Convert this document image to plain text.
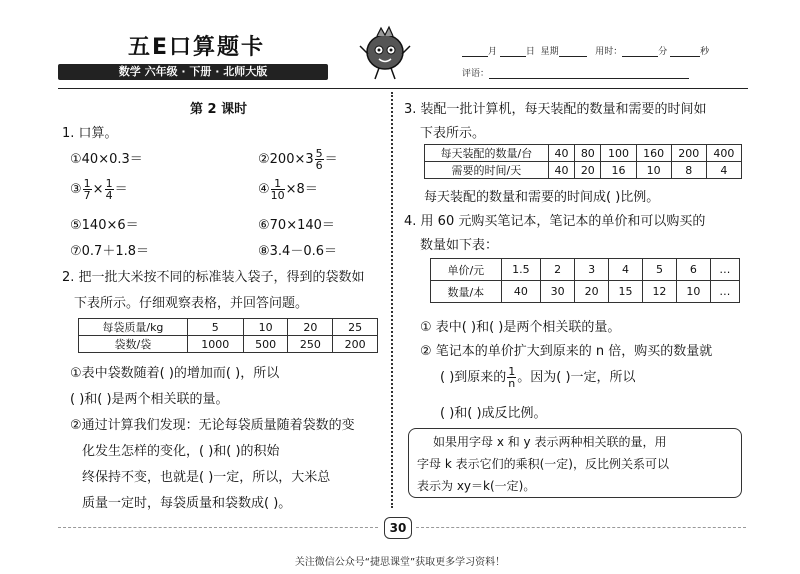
五E口算题卡
数学 六年级 · 下册 · 北师大版
月	日 星期	用时：	分	秒
评语：
第 2 课时
1. 口算。
①40×0.3＝	②200×3 $\frac{5}{6}$ ＝
③ $\frac{1}{7} \times \frac{1}{4}$ ＝	④ $\frac{1}{10} \times 8=$
⑤140×6＝	⑥70×140＝
⑦0.7＋1.8＝	⑧3.4－0.6＝
2. 把一批大米按不同的标准装入袋子，得到的袋数如
下表所示。仔细观察表格，并回答问题。
每袋质量/kg	5	10	20	25
袋数/袋	1000	500	250	200
①表中袋数随着( )的增加而( )，所以
( )和( )是两个相关联的量。
②通过计算我们发现：无论每袋质量随着袋数的变
化发生怎样的变化，( )和( )的积始
终保持不变，也就是( )一定，所以，大米总
质量一定时，每袋质量和袋数成( )。
3. 装配一批计算机，每天装配的数量和需要的时间如
下表所示。
每天装配的数量/台	40	80	100	160	200	400
需要的时间/天	40	20	16	10	8	4
每天装配的数量和需要的时间成( )比例。
4. 用 60 元购买笔记本，笔记本的单价和可以购买的
数量如下表：
单价/元	1.5	2	3	4	5	6	…
数量/本	40	30	20	15	12	10	…
① 表中( )和( )是两个相关联的量。
② 笔记本的单价扩大到原来的 n 倍，购买的数量就
( )到原来的 $\frac{1}{n}$ 。因为( )一定，所以
( )和( )成反比例。
如果用字母 x 和 y 表示两种相关联的量，用
字母 k 表示它们的乘积(一定)，反比例关系可以
表示为 xy＝k(一定)。
30
关注微信公众号“捷思课堂”获取更多学习资料！
